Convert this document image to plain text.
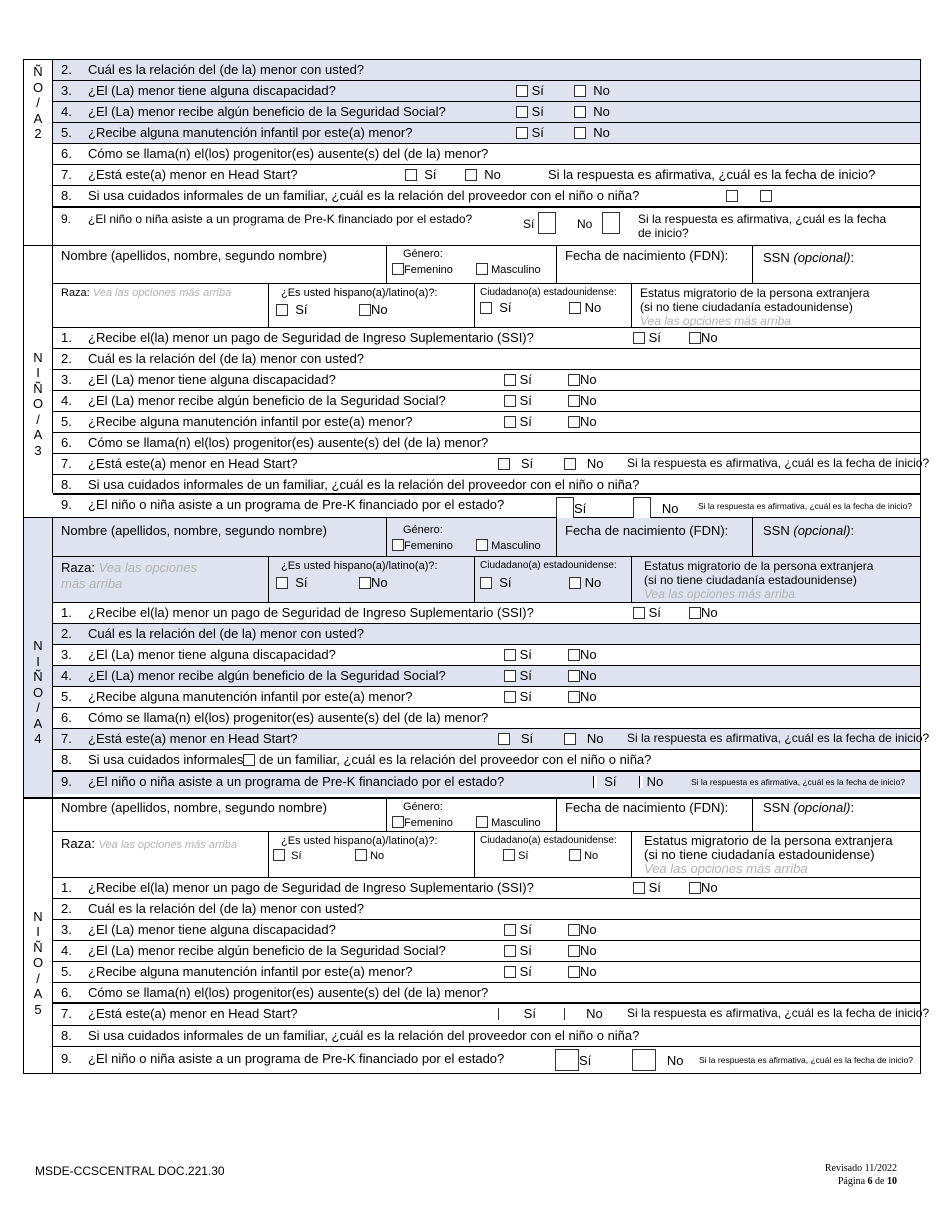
Ñ
O
/
A
2
2. Cuál es la relación del (de la) menor con usted?
3. ¿El (La) menor tiene alguna discapacidad?	Sí	No
4. ¿El (La) menor recibe algún beneficio de la Seguridad Social?	Sí	No
5. ¿Recibe alguna manutención infantil por este(a) menor?	Sí	No
6. Cómo se llama(n) el(los) progenitor(es) ausente(s) del (de la) menor?
7. ¿Está este(a) menor en Head Start?	Sí	No	Si la respuesta es afirmativa, ¿cuál es la fecha de inicio?
8. Si usa cuidados informales de un familiar, ¿cuál es la relación del proveedor con el niño o niña?
9. ¿El niño o niña asiste a un programa de Pre-K financiado por el estado?	Sí	No	Si la respuesta es afirmativa, ¿cuál es la fecha
de inicio?
N
I
Ñ
O
/
A
3
Nombre (apellidos, nombre, segundo nombre)	Género:
Femenino	Masculino
Fecha de nacimiento (FDN):	SSN (opcional):
Raza: Vea las opciones más arriba	¿Es usted hispano(a)/latino(a)?:
Sí	No
Ciudadano(a) estadounidense:
Sí	No
Estatus migratorio de la persona extranjera
(si no tiene ciudadanía estadounidense)
Vea las opciones más arriba
1. ¿Recibe el(la) menor un pago de Seguridad de Ingreso Suplementario (SSI)?	Sí	No
2. Cuál es la relación del (de la) menor con usted?
3. ¿El (La) menor tiene alguna discapacidad?	Sí	No
4. ¿El (La) menor recibe algún beneficio de la Seguridad Social?	Sí	No
5. ¿Recibe alguna manutención infantil por este(a) menor?	Sí	No
6. Cómo se llama(n) el(los) progenitor(es) ausente(s) del (de la) menor?
7. ¿Está este(a) menor en Head Start?	Sí	No Si la respuesta es afirmativa, ¿cuál es la fecha de inicio?
8. Si usa cuidados informales de un familiar, ¿cuál es la relación del proveedor con el niño o niña?
9. ¿El niño o niña asiste a un programa de Pre-K financiado por el estado?	Sí	No Si la respuesta es afirmativa, ¿cuál es la fecha de inicio?
N
I
Ñ
O
/
A
4
Nombre (apellidos, nombre, segundo nombre)	Género:
Femenino	Masculino
Fecha de nacimiento (FDN):	SSN (opcional):
Raza: Vea las opciones
más arriba
¿Es usted hispano(a)/latino(a)?:
Sí	No
Ciudadano(a) estadounidense:
Sí	No
Estatus migratorio de la persona extranjera
(si no tiene ciudadanía estadounidense)
Vea las opciones más arriba
1. ¿Recibe el(la) menor un pago de Seguridad de Ingreso Suplementario (SSI)?	Sí	No
2. Cuál es la relación del (de la) menor con usted?
3. ¿El (La) menor tiene alguna discapacidad?	Sí	No
4. ¿El (La) menor recibe algún beneficio de la Seguridad Social?	Sí	No
5. ¿Recibe alguna manutención infantil por este(a) menor?	Sí	No
6. Cómo se llama(n) el(los) progenitor(es) ausente(s) del (de la) menor?
7. ¿Está este(a) menor en Head Start?	Sí	No Si la respuesta es afirmativa, ¿cuál es la fecha de inicio?
8. Si usa cuidados informales de un familiar, ¿cuál es la relación del proveedor con el niño o niña?
9. ¿El niño o niña asiste a un programa de Pre-K financiado por el estado?	Sí	No	Si la respuesta es afirmativa, ¿cuál es la fecha de inicio?
N
I
Ñ
O
/
A
5
Nombre (apellidos, nombre, segundo nombre)	Género:
Femenino	Masculino
Fecha de nacimiento (FDN):	SSN (opcional):
Raza: Vea las opciones más arriba	¿Es usted hispano(a)/latino(a)?:
Sí	No
Ciudadano(a) estadounidense:
Sí	No
Estatus migratorio de la persona extranjera
(si no tiene ciudadanía estadounidense)
Vea las opciones más arriba
1. ¿Recibe el(la) menor un pago de Seguridad de Ingreso Suplementario (SSI)?	Sí	No
2. Cuál es la relación del (de la) menor con usted?
3. ¿El (La) menor tiene alguna discapacidad?	Sí	No
4. ¿El (La) menor recibe algún beneficio de la Seguridad Social?	Sí	No
5. ¿Recibe alguna manutención infantil por este(a) menor?	Sí	No
6. Cómo se llama(n) el(los) progenitor(es) ausente(s) del (de la) menor?
7. ¿Está este(a) menor en Head Start?	Sí	No Si la respuesta es afirmativa, ¿cuál es la fecha de inicio?
8. Si usa cuidados informales de un familiar, ¿cuál es la relación del proveedor con el niño o niña?
9. ¿El niño o niña asiste a un programa de Pre-K financiado por el estado?	Sí	No Si la respuesta es afirmativa, ¿cuál es la fecha de inicio?
MSDE-CCSCENTRAL DOC.221.30	Revisado 11/2022
Página 6 de 10
